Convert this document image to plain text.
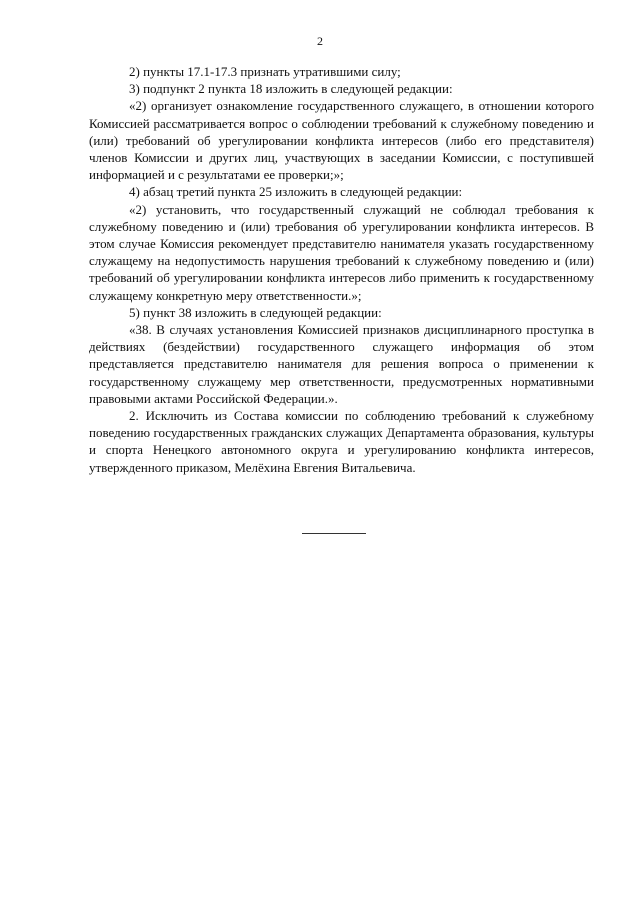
2

2) пункты 17.1-17.3 признать утратившими силу;

3) подпункт 2 пункта 18 изложить в следующей редакции:

«2) организует ознакомление государственного служащего, в отношении которого Комиссией рассматривается вопрос о соблюдении требований к служебному поведению и (или) требований об урегулировании конфликта интересов (либо его представителя) членов Комиссии и других лиц, участвующих в заседании Комиссии, с поступившей информацией и с результатами ее проверки;»;

4) абзац третий пункта 25 изложить в следующей редакции:

«2) установить, что государственный служащий не соблюдал требования к служебному поведению и (или) требования об урегулировании конфликта интересов. В этом случае Комиссия рекомендует представителю нанимателя указать государственному служащему на недопустимость нарушения требований к служебному поведению и (или) требований об урегулировании конфликта интересов либо применить к государственному служащему конкретную меру ответственности.»;

5) пункт 38 изложить в следующей редакции:

«38. В случаях установления Комиссией признаков дисциплинарного проступка в действиях (бездействии) государственного служащего информация об этом представляется представителю нанимателя для решения вопроса о применении к государственному служащему мер ответственности, предусмотренных нормативными правовыми актами Российской Федерации.».

2. Исключить из Состава комиссии по соблюдению требований к служебному поведению государственных гражданских служащих Департамента образования, культуры и спорта Ненецкого автономного округа и урегулированию конфликта интересов, утвержденного приказом, Мелёхина Евгения Витальевича.
